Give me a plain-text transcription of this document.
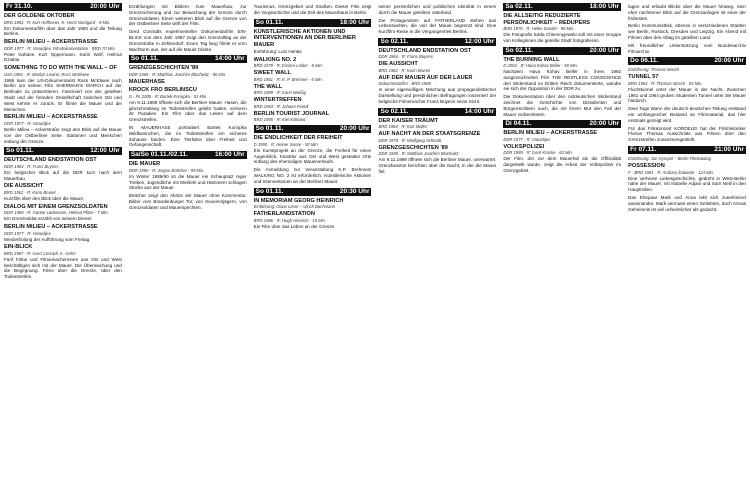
Fr 31.10.	20:00 Uhr
DER GOLDENE OKTOBER
BRD 1983 · R: Kurt Hoffmeier, K. Horst Nordgard · 9 Min.
Ein Dokumentarfilm über das Jahr 1983 und die Teilung Berlins.
BERLIN MILIEU – ACKERSTRASSE
DDR 1977 · R: Vanadijev, Filmdokumentation · BRD 70 Min.
Peter Kahane, Kurt Oppermann, Karin Wolf, Helmut Dzialas.
SOMETHING TO DO WITH THE WALL – OF
USA 1991 · R: Marilyn Levine, Ross McElwee
1986 kam der US-Dokumentarist Ross McElwee nach Berlin um seinen Film SHERMAN'S MARCH auf der Berlinale zu präsentieren. Fasziniert von der geteilten Stadt und der fremden Gesellschaft zwischen Ost und West kehrte er zurück. Er filmte die Mauer und die Menschen.
BERLIN MILIEU – ACKERSTRASSE
DDR 1977 · R: Vanadijev
Berlin Milieu – Ackerstraße zeigt den Blick auf die Mauer von der Ostberliner Seite. Stationen und Menschen entlang der Grenze.
So 01.11.	12:00 Uhr
DEUTSCHLAND ENDSTATION OST
DDR 1964 · R: Frans Buyens
Ein belgischer Blick auf die DDR kurz nach dem Mauerbau.
DIE AUSSICHT
BRD 1962 · R: Karin Brunel
Kurzfilm über den Blick über die Mauer.
DIALOG MIT EINEM GRENZSOLDATEN
DDR 1989 · R: Günter Lüdemann, Helmut Pfitze · 7 Min.
Ein Grenzsoldat erzählt von seinem Dienst.
BERLIN MILIEU – ACKERSTRASSE
DDR 1977 · R: Vanadijev
Wiederholung der Aufführung vom Freitag.
EIN-BLICK
BRD 1987 · R: Gerd Conradt, K. Gehrt
Fünf Filme und Filmemacherinnen aus Ost und West beschäftigen sich mit der Mauer. Die Überwachung und die Begegnung. Filme über die Grenze, über den Todesstreifen.
Erzählungen mit Bildern zum Mauerbau, zur Grenzsicherung und zur Bewachung der Grenze durch Grenzsoldaten. Einen weiteren Blick auf die Grenze von der Ostberliner Seite wirft der Film.
Gerd Conradts experimenteller Dokumentarfilm EIN-BLICK von dem Jahr 1987 zeigt den Grenzalltag an der Grenzstraße in Zehlendorf. Einen Tag lang filmte er vom Wachturm aus, der auf die Mauer blickte.
So 01.11.	14:00 Uhr
GRENZGESCHICHTEN '89
DDR 1989 · R: Matthias Joachim Blochwitz · 90 Min.
MAUERHASE
KROCK FRO BERLINSCU
D · PL 2009 · R: Bartek Konopka · 51 Min.
Am 9.11.1989 öffnete sich die Berliner Mauer. Hasen, die jahrzehntelang im Todesstreifen gelebt hatten, verloren ihr Paradies. Ein Film über das Leben auf dem Grenzstreifen.
IN MAUERHASE portraitiert Bartek Konopka Wildkaninchen, die im Todesstreifen ein sicheres Zuhause fanden. Eine Tierfabel über Freiheit und Gefangenschaft.
Sa/So 01.11./02.11.	16:00 Uhr
DIE MAUER
DDR 1990 · R: Jürgen Böttcher · 99 Min.
Im Winter 1989/90 ist die Mauer ein Schauplatz reger Treiben, Jugendliche mit Meißeln und Hämmern schlagen Stücke aus der Mauer.
Böttcher zeigt den Abriss der Mauer ohne Kommentar. Bilder vom Brandenburger Tor, von Souvenirjägern, von Grenzsoldaten und Mauerspechten.
Tourismus, Grenzgebiet und Straßen. Dieser Film zeigt die Vorgeschichte und die Zeit des Mauerbaus in Berlin.
So 01.11.	18:00 Uhr
KÜNSTLERISCHE AKTIONEN UND INTERVENTIONEN AN DER BERLINER MAUER
Einführung: Lutz Henke
WALKING NO. 2
BRD 1979 · R: Kirsten Leiber · 8 Min.
SWEET WALL
BRD 1961 · R: K. P. Brehmer · 6 Min.
THE WALL
BRD 1989 · R: Karin Weißig
WINTERTREFFEN
BRD 1984 · R: Johann Feindt
BERLIN TOURIST JOURNAL
BRD 1985 · R: Kiel Kirkland
So 01.11.	20:00 Uhr
DIE ENDLICHKEIT DER FREIHEIT
D 1990 · R: Heiner Sasse · 92 Min.
Ein Kunstprojekt an der Grenze, die Freiheit für einen Augenblick, Künstler aus Ost und West gestalten Orte entlang des ehemaligen Mauerverlaufs.
Die Anmeldung zur Veranstaltung K.P. Brehmers WALKING NO. 2 ist erforderlich. Künstlerische Aktionen und Interventionen an der Berliner Mauer.
So 01.11.	20:30 Uhr
IN MEMORIAM GEORG HEINRICH
Einführung: Claus Löser – Ulrich Bachmann
FATHERLANDSTATION
BRD 1986 · R: Hugh Heinrich · 15 Min.
Ein Film über das Leben an der Grenze.
seiner persönlichen und politischen Identität in einem durch die Mauer geteilten Vaterland.
Die Protagonisten auf FATHERLAND stehen aus Lebenswelten, die von der Mauer begrenzt sind. Eine Kurzfilm-Reise in die Vergangenheit Berlins.
So 02.11.	12:00 Uhr
DEUTSCHLAND ENDSTATION OST
DDR 1964 · R: Frans Buyens
DIE AUSSICHT
BRD 1962 · R: Karin Brunel
AUF DER MAUER AUF DER LAUER
Dokumentarfilm · BRD 1989
In einer eigenwilligen Mischung aus propagandistischer Darstellung und persönlichen Befragungen inszeniert der belgische Filmemacher Frans Buyens seine Sicht.
So 02.11.	14:00 Uhr
DER KAISER TRÄUMT
BRD 1984 · R: Kurt Müller
AUF NACHT AN DER STAATSGRENZE
DDR 1979 · R: Wolfgang Schmidt
GRENZGESCHICHTEN '89
DDR 1989 · R: Matthias Joachim Blochwitz
Am 9.11.1989 öffnete sich die Berliner Mauer, unerwartet. Grenzbeamte berichten über die Nacht, in der die Mauer fiel.
Sa 02.11.	18:00 Uhr
DIE ALLSEITIG REDUZIERTE PERSÖNLICHKEIT – REDUPERS
BRD 1978 · R: Helke Sander · 98 Min.
Die Fotografin Edda Chiemnyjewski soll mit einer Gruppe von Kolleginnen die geteilte Stadt fotografieren.
So 02.11.	20:00 Uhr
THE BURNING WALL
D 2002 · R: Hava Kohav Beller · 90 Min.
Nachdem Hava Kohav Beller in ihren 1992 ausgezeichneten Film THE RESTLESS CONSCIENCE den Widerstand im Dritten Reich dokumentierte, wandte sie sich der Opposition in der DDR zu.
Die Dokumentation über den ostdeutschen Widerstand zeichnet die Geschichte von Dissidenten und Bürgerrechtlern nach, die mit ihrem Mut den Fall der Mauer vorbereiteten.
Di 04.11.	20:00 Uhr
BERLIN MILIEU – ACKERSTRASSE
DDR 1977 · R: Vanadijev
VOLKSPOLIZEI
DDR 1985 · R: Gerd Kroske · 60 Min.
Der Film, der vor dem Mauerfall als die Offizialität dargestellt wurde, zeigt die Arbeit der Volkspolizei im Grenzgebiet.
lagen und erlaubt Blicke über die Mauer hinweg. Sein eher nüchterner Blick auf die Grenzanlagen ist einer der frühesten.
Berlin Kommunisttisk, ebenso in verschiedenen Städten wie Berlin, Rostock, Dresden und Leipzig. Ein Abend mit Filmen über den Alltag im geteilten Land.
Mit freundlicher Unterstützung vom Bundesarchiv Filmarchiv.
Do 06.11.	20:00 Uhr
Einführung: Thomas Masch
TUNNEL 57
BRD 1964 · R: Thomas Masch · 93 Min.
Fluchttunnel unter der Mauer in der Nacht. Zwischen 1961 und 1964 gruben Studenten Tunnel unter der Mauer hindurch.
Zwei Tage Wann der deutsch-deutschen Teilung entstand ein umfangreicher Bestand an Filmmaterial, das hier erstmals gezeigt wird.
Für das Filmkonzert KORDELEI hat der Filmhistoriker Florian Thomas Ausschnitte aus Filmen über den Grenzstreifen zusammengestellt.
Fr 07.11.	21:00 Uhr
Einführung: Jan Gympel – Berlin Filmkatalog
POSSESSION
F · BRD 1981 · R: Andrzej Żuławski · 124 Min.
Eine verhexte Liebesgeschichte, gedreht in West-Berlin nahe der Mauer, mit Isabelle Adjani und Sam Neill in den Hauptrollen.
Das Ehepaar Mark und Anna lebt sich zunehmend auseinander. Mark vermutet einen Geliebten, doch Annas Geheimnis ist viel unheimlicher als gedacht.
